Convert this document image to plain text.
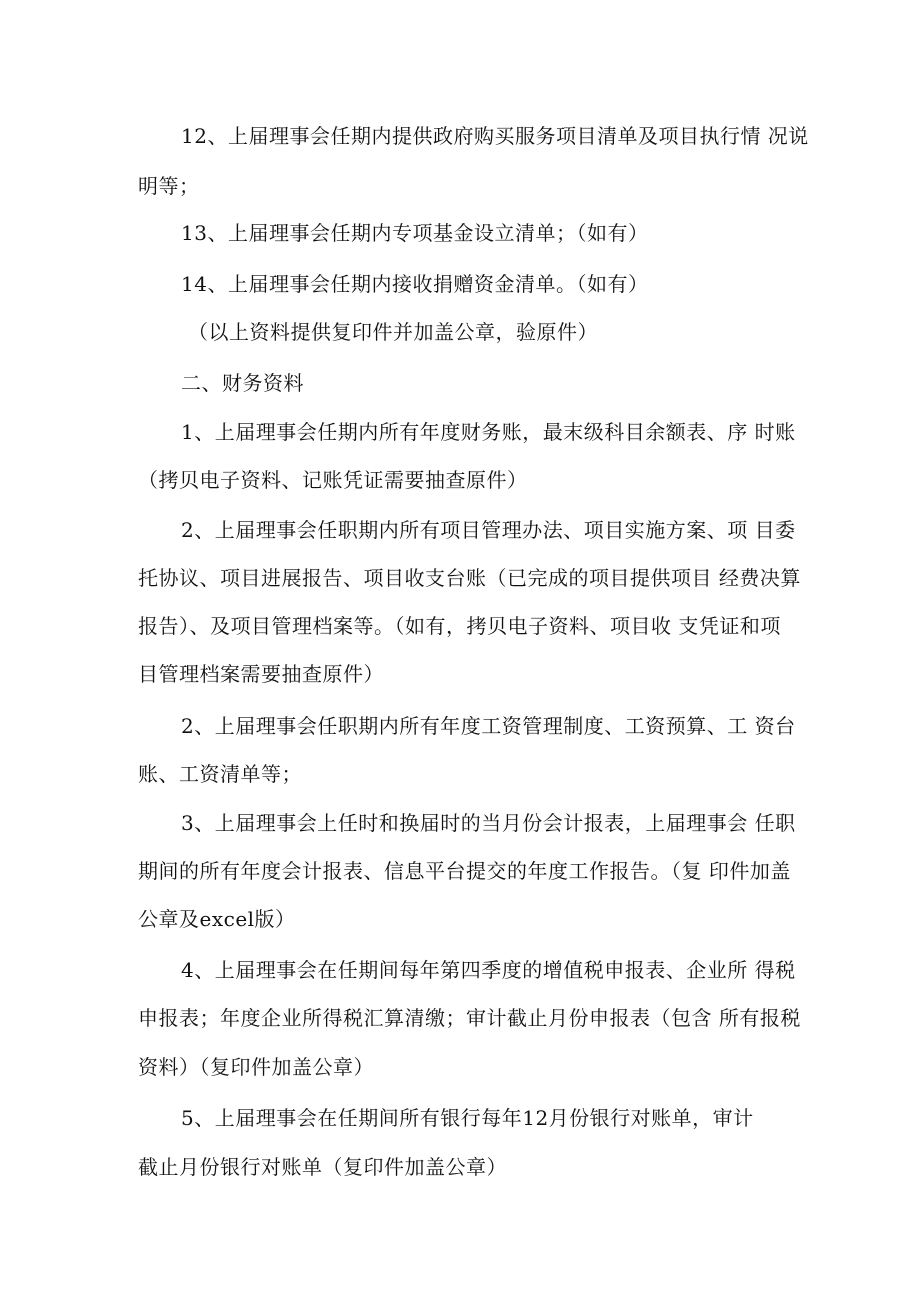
12、上届理事会任期内提供政府购买服务项目清单及项目执行情 况说
明等；
13、上届理事会任期内专项基金设立清单；（如有）
14、上届理事会任期内接收捐赠资金清单。（如有）
（以上资料提供复印件并加盖公章，验原件）
二、财务资料
1、上届理事会任期内所有年度财务账，最末级科目余额表、序 时账
（拷贝电子资料、记账凭证需要抽查原件）
2、上届理事会任职期内所有项目管理办法、项目实施方案、项 目委
托协议、项目进展报告、项目收支台账（已完成的项目提供项目 经费决算
报告）、及项目管理档案等。（如有，拷贝电子资料、项目收 支凭证和项
目管理档案需要抽查原件）
2、上届理事会任职期内所有年度工资管理制度、工资预算、工 资台
账、工资清单等；
3、上届理事会上任时和换届时的当月份会计报表，上届理事会 任职
期间的所有年度会计报表、信息平台提交的年度工作报告。（复 印件加盖
公章及excel版）
4、上届理事会在任期间每年第四季度的增值税申报表、企业所 得税
申报表；年度企业所得税汇算清缴；审计截止月份申报表（包含 所有报税
资料）（复印件加盖公章）
5、上届理事会在任期间所有银行每年12月份银行对账单，审计
截止月份银行对账单（复印件加盖公章）
